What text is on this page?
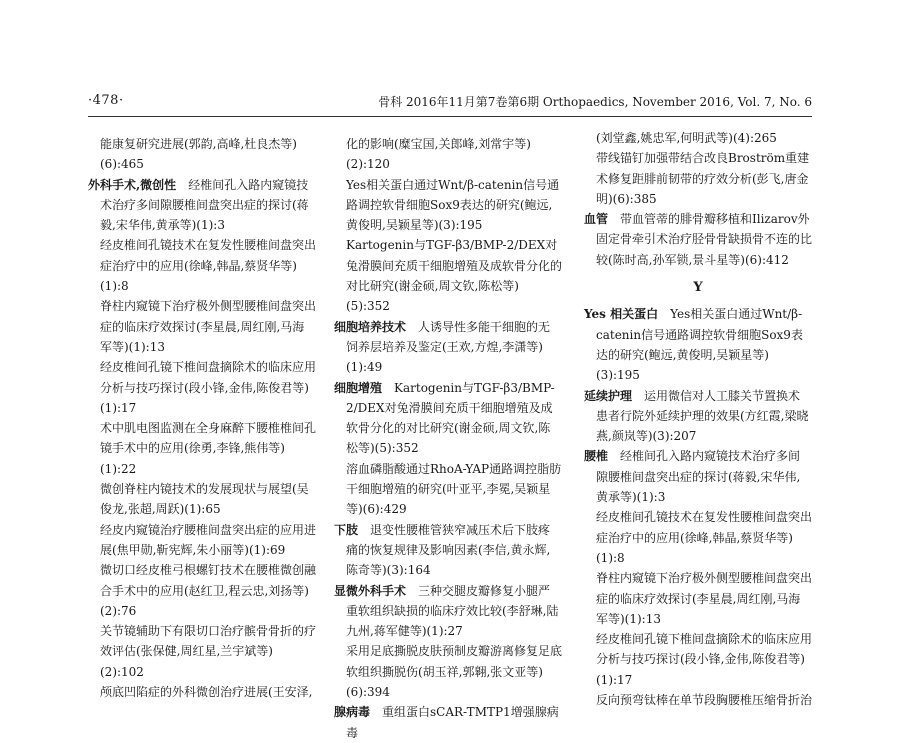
·478·	骨科 2016年11月第7卷第6期 Orthopaedics, November 2016, Vol. 7, No. 6
能康复研究进展(郭韵,高峰,杜良杰等)(6):465
外科手术,微创性  经椎间孔入路内窥镜技术治疗多间隙腰椎间盘突出症的探讨(蒋毅,宋华伟,黄承等)(1):3
经皮椎间孔镜技术在复发性腰椎间盘突出症治疗中的应用(徐峰,韩晶,蔡贤华等)(1):8
脊柱内窥镜下治疗极外侧型腰椎间盘突出症的临床疗效探讨(李星晨,周红刚,马海军等)(1):13
经皮椎间孔镜下椎间盘摘除术的临床应用分析与技巧探讨(段小锋,金伟,陈俊君等)(1):17
术中肌电图监测在全身麻醉下腰椎椎间孔镜手术中的应用(徐勇,李锋,熊伟等)(1):22
微创脊柱内镜技术的发展现状与展望(吴俊龙,张超,周跃)(1):65
经皮内窥镜治疗腰椎间盘突出症的应用进展(焦甲勋,靳宪辉,朱小丽等)(1):69
微切口经皮椎弓根螺钉技术在腰椎微创融合手术中的应用(赵红卫,程云忠,刘扬等)(2):76
关节镜辅助下有限切口治疗髌骨骨折的疗效评估(张保健,周红星,兰宇斌等)(2):102
颅底凹陷症的外科微创治疗进展(王安泽,
化的影响(糜宝国,关郎峰,刘常宇等)(2):120
Yes相关蛋白通过Wnt/β-catenin信号通路调控软骨细胞Sox9表达的研究(鲍远,黄俊明,吴颖星等)(3):195
Kartogenin与TGF-β3/BMP-2/DEX对兔滑膜间充质干细胞增殖及成软骨分化的对比研究(谢金硕,周文钦,陈松等)(5):352
细胞培养技术  人诱导性多能干细胞的无饲养层培养及鉴定(王欢,方煌,李潇等)(1):49
细胞增殖  Kartogenin与TGF-β3/BMP-2/DEX对兔滑膜间充质干细胞增殖及成软骨分化的对比研究(谢金硕,周文钦,陈松等)(5):352
溶血磷脂酸通过RhoA-YAP通路调控脂肪干细胞增殖的研究(叶亚平,李冕,吴颖星等)(6):429
下肢  退变性腰椎管狭窄减压术后下肢疼痛的恢复规律及影响因素(李信,黄永辉,陈奇等)(3):164
显微外科手术  三种交腿皮瓣修复小腿严重软组织缺损的临床疗效比较(李舒琳,陆九州,蒋军健等)(1):27
采用足底撕脱皮肤预制皮瓣游离修复足底软组织撕脱伤(胡玉祥,郭翱,张文亚等)(6):394
腺病毒  重组蛋白sCAR-TMTP1增强腺病毒
(刘堂鑫,姚忠军,何明武等)(4):265
带线锚钉加强带结合改良Broström重建术修复距腓前韧带的疗效分析(彭飞,唐金明)(6):385
血管  带血管蒂的腓骨瓣移植和Ilizarov外固定骨牵引术治疗胫骨骨缺损骨不连的比较(陈时高,孙军锁,景斗星等)(6):412
Y
Yes 相关蛋白  Yes相关蛋白通过Wnt/β-catenin信号通路调控软骨细胞Sox9表达的研究(鲍远,黄俊明,吴颖星等)(3):195
延续护理  运用微信对人工膝关节置换术患者行院外延续护理的效果(方红霞,梁晓燕,颜岚等)(3):207
腰椎  经椎间孔入路内窥镜技术治疗多间隙腰椎间盘突出症的探讨(蒋毅,宋华伟,黄承等)(1):3
经皮椎间孔镜技术在复发性腰椎间盘突出症治疗中的应用(徐峰,韩晶,蔡贤华等)(1):8
脊柱内窥镜下治疗极外侧型腰椎间盘突出症的临床疗效探讨(李星晨,周红刚,马海军等)(1):13
经皮椎间孔镜下椎间盘摘除术的临床应用分析与技巧探讨(段小锋,金伟,陈俊君等)(1):17
反向预弯钛棒在单节段胸腰椎压缩骨折治
